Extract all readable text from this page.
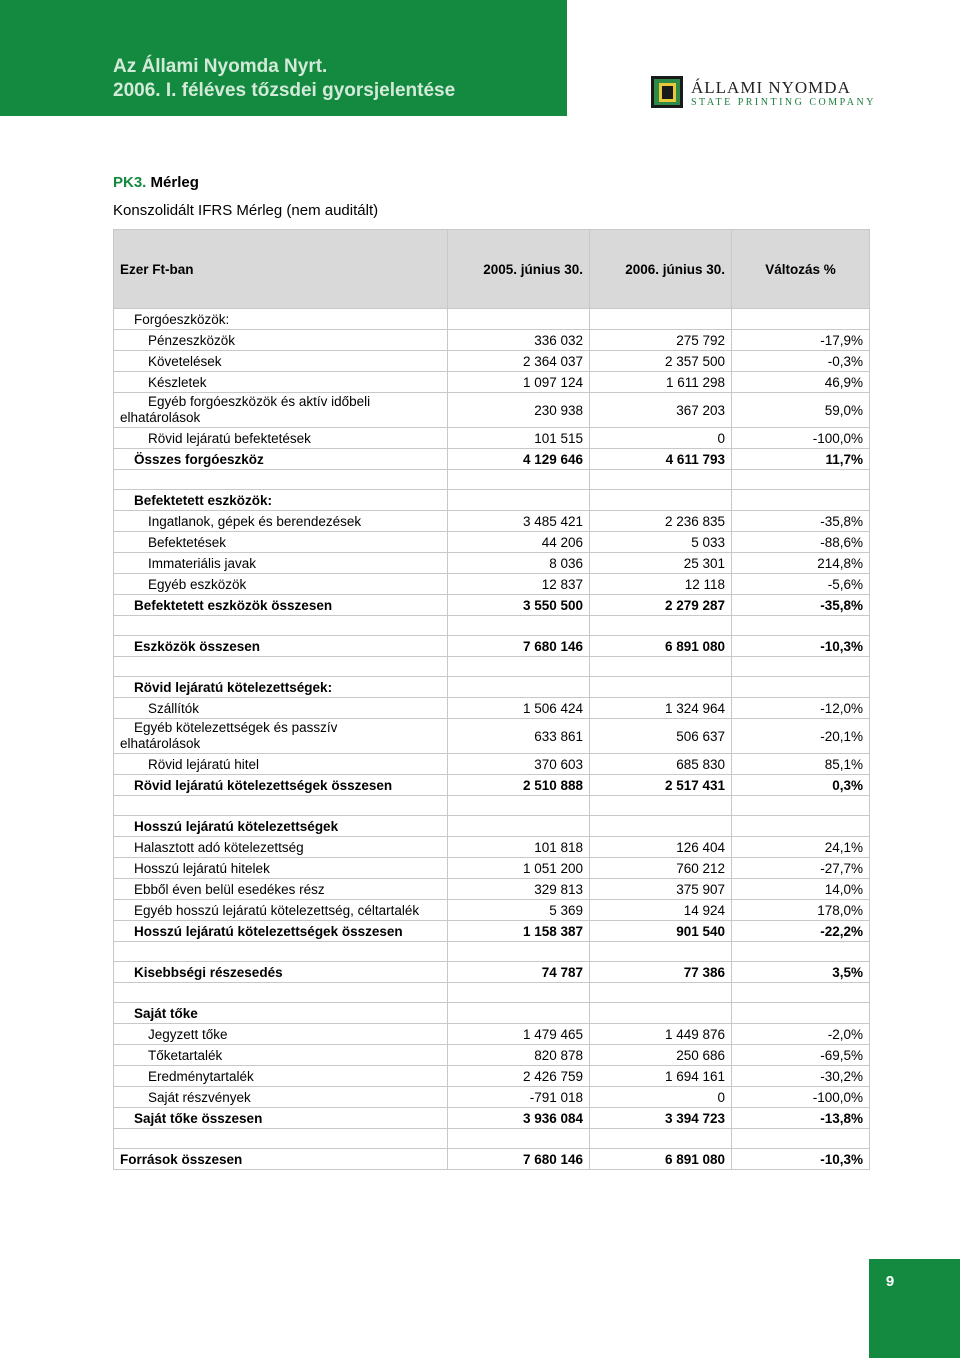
Az Állami Nyomda Nyrt.
2006. I. féléves tőzsdei gyorsjelentése	ÁLLAMI NYOMDA
STATE PRINTING COMPANY
PK3. Mérleg
Konszolidált IFRS Mérleg (nem auditált)
Ezer Ft-ban	2005. június 30.	2006. június 30.	Változás %
Forgóeszközök:			
Pénzeszközök	336 032	275 792	-17,9%
Követelések	2 364 037	2 357 500	-0,3%
Készletek	1 097 124	1 611 298	46,9%
Egyéb forgóeszközök és aktív időbeli
elhatárolások	230 938	367 203	59,0%
Rövid lejáratú befektetések	101 515	0	-100,0%
Összes forgóeszköz	4 129 646	4 611 793	11,7%

Befektetett eszközök:			
Ingatlanok, gépek és berendezések	3 485 421	2 236 835	-35,8%
Befektetések	44 206	5 033	-88,6%
Immateriális javak	8 036	25 301	214,8%
Egyéb eszközök	12 837	12 118	-5,6%
Befektetett eszközök összesen	3 550 500	2 279 287	-35,8%

Eszközök összesen	7 680 146	6 891 080	-10,3%

Rövid lejáratú kötelezettségek:			
Szállítók	1 506 424	1 324 964	-12,0%
Egyéb kötelezettségek és passzív
elhatárolások	633 861	506 637	-20,1%
Rövid lejáratú hitel	370 603	685 830	85,1%
Rövid lejáratú kötelezettségek összesen	2 510 888	2 517 431	0,3%

Hosszú lejáratú kötelezettségek			
Halasztott adó kötelezettség	101 818	126 404	24,1%
Hosszú lejáratú hitelek	1 051 200	760 212	-27,7%
Ebből éven belül esedékes rész	329 813	375 907	14,0%
Egyéb hosszú lejáratú kötelezettség, céltartalék	5 369	14 924	178,0%
Hosszú lejáratú kötelezettségek összesen	1 158 387	901 540	-22,2%

Kisebbségi részesedés	74 787	77 386	3,5%

Saját tőke			
Jegyzett tőke	1 479 465	1 449 876	-2,0%
Tőketartalék	820 878	250 686	-69,5%
Eredménytartalék	2 426 759	1 694 161	-30,2%
Saját részvények	-791 018	0	-100,0%
Saját tőke összesen	3 936 084	3 394 723	-13,8%

Források összesen	7 680 146	6 891 080	-10,3%
9
